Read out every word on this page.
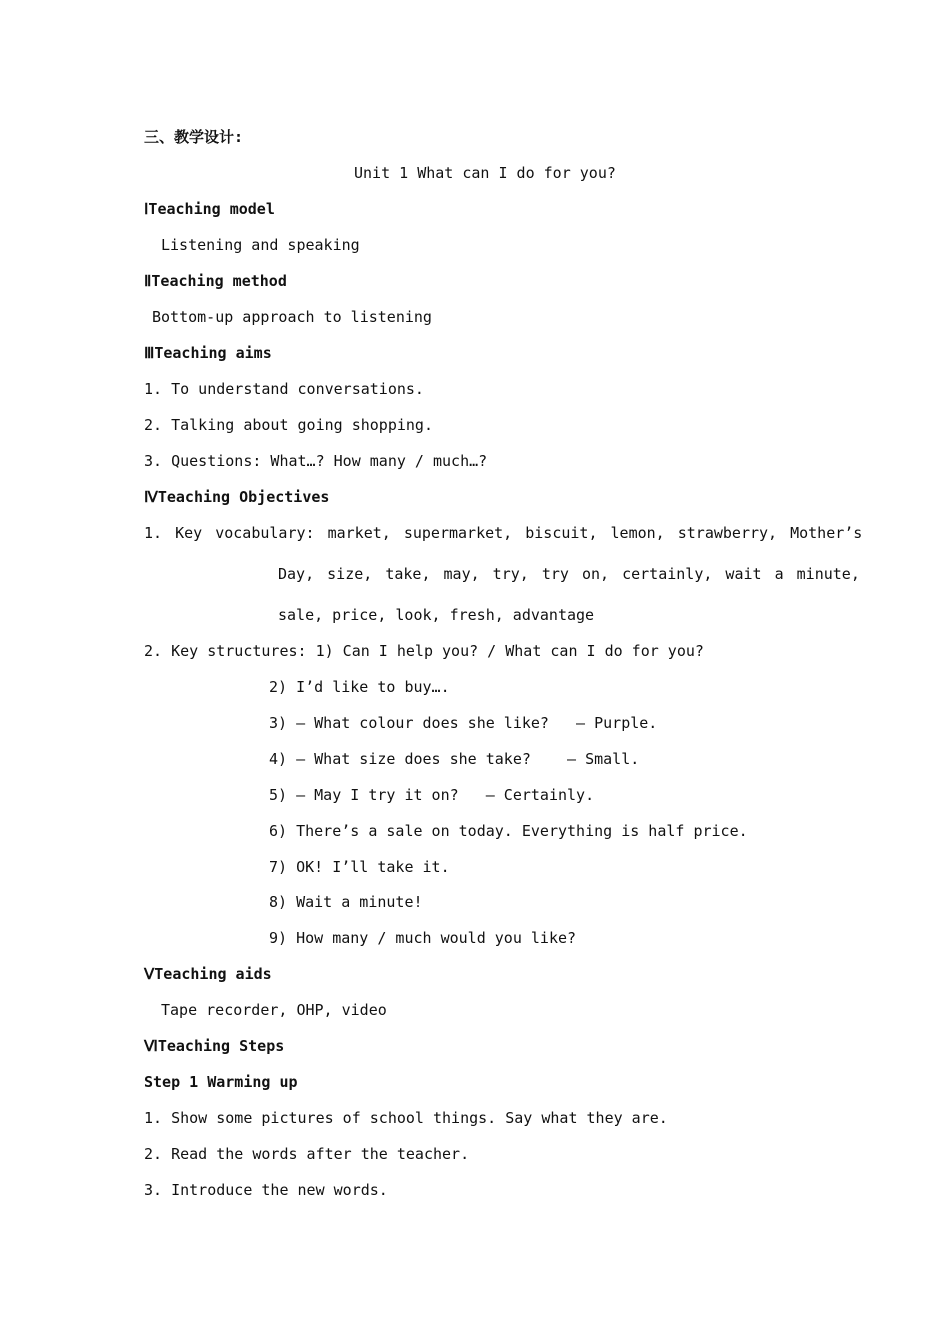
三、教学设计:
Unit 1 What can I do for you?
ⅠTeaching model
Listening and speaking
ⅡTeaching method
Bottom-up approach to listening
ⅢTeaching aims
1. To understand conversations.
2. Talking about going shopping.
3. Questions: What…? How many / much…?
ⅣTeaching Objectives
1. Key vocabulary: market, supermarket, biscuit, lemon, strawberry, Mother’s
Day, size, take, may, try, try on, certainly, wait a minute,
sale, price, look, fresh, advantage
2. Key structures: 1) Can I help you? / What can I do for you?
2) I’d like to buy….
3) — What colour does she like?   — Purple.
4) — What size does she take?    — Small.
5) — May I try it on?   — Certainly.
6) There’s a sale on today. Everything is half price.
7) OK! I’ll take it.
8) Wait a minute!
9) How many / much would you like?
ⅤTeaching aids
Tape recorder, OHP, video
ⅥTeaching Steps
Step 1 Warming up
1. Show some pictures of school things. Say what they are.
2. Read the words after the teacher.
3. Introduce the new words.
